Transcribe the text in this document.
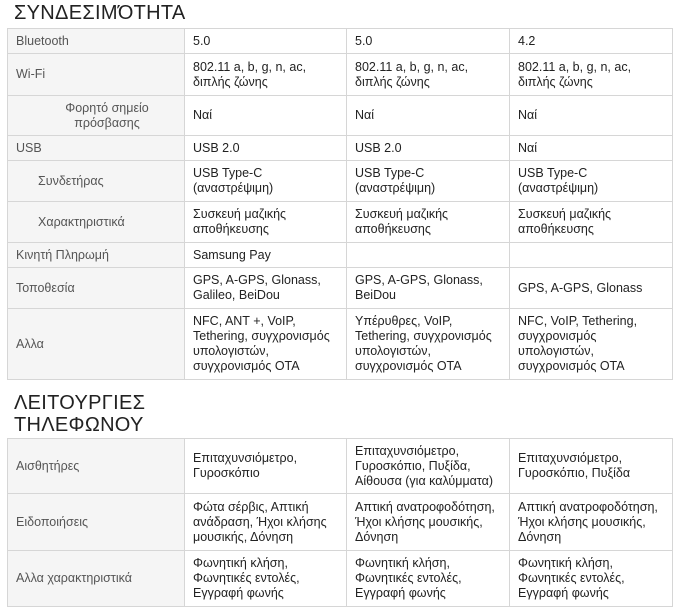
ΣΥΝΔΕΣΙΜΌΤΗΤΑ
Bluetooth	5.0	5.0	4.2
Wi-Fi	802.11 a, b, g, n, ac, διπλής ζώνης	802.11 a, b, g, n, ac, διπλής ζώνης	802.11 a, b, g, n, ac, διπλής ζώνης
Φορητό σημείο πρόσβασης	Ναί	Ναί	Ναί
USB	USB 2.0	USB 2.0	Ναί
Συνδετήρας	USB Type-C (αναστρέψιμη)	USB Type-C (αναστρέψιμη)	USB Type-C (αναστρέψιμη)
Χαρακτηριστικά	Συσκευή μαζικής αποθήκευσης	Συσκευή μαζικής αποθήκευσης	Συσκευή μαζικής αποθήκευσης
Κινητή Πληρωμή	Samsung Pay		
Τοποθεσία	GPS, A-GPS, Glonass, Galileo, BeiDou	GPS, A-GPS, Glonass, BeiDou	GPS, A-GPS, Glonass
Αλλα	NFC, ANT +, VoIP, Tethering, συγχρονισμός υπολογιστών, συγχρονισμός OTA	Υπέρυθρες, VoIP, Tethering, συγχρονισμός υπολογιστών, συγχρονισμός OTA	NFC, VoIP, Tethering, συγχρονισμός υπολογιστών, συγχρονισμός OTA
ΛΕΙΤΟΥΡΓΙΕΣ
ΤΗΛΕΦΩΝΟΥ
Αισθητήρες	Επιταχυνσιόμετρο, Γυροσκόπιο	Επιταχυνσιόμετρο, Γυροσκόπιο, Πυξίδα, Αίθουσα (για καλύμματα)	Επιταχυνσιόμετρο, Γυροσκόπιο, Πυξίδα
Ειδοποιήσεις	Φώτα σέρβις, Απτική ανάδραση, Ήχοι κλήσης μουσικής, Δόνηση	Απτική ανατροφοδότηση, Ήχοι κλήσης μουσικής, Δόνηση	Απτική ανατροφοδότηση, Ήχοι κλήσης μουσικής, Δόνηση
Αλλα χαρακτηριστικά	Φωνητική κλήση, Φωνητικές εντολές, Εγγραφή φωνής	Φωνητική κλήση, Φωνητικές εντολές, Εγγραφή φωνής	Φωνητική κλήση, Φωνητικές εντολές, Εγγραφή φωνής
